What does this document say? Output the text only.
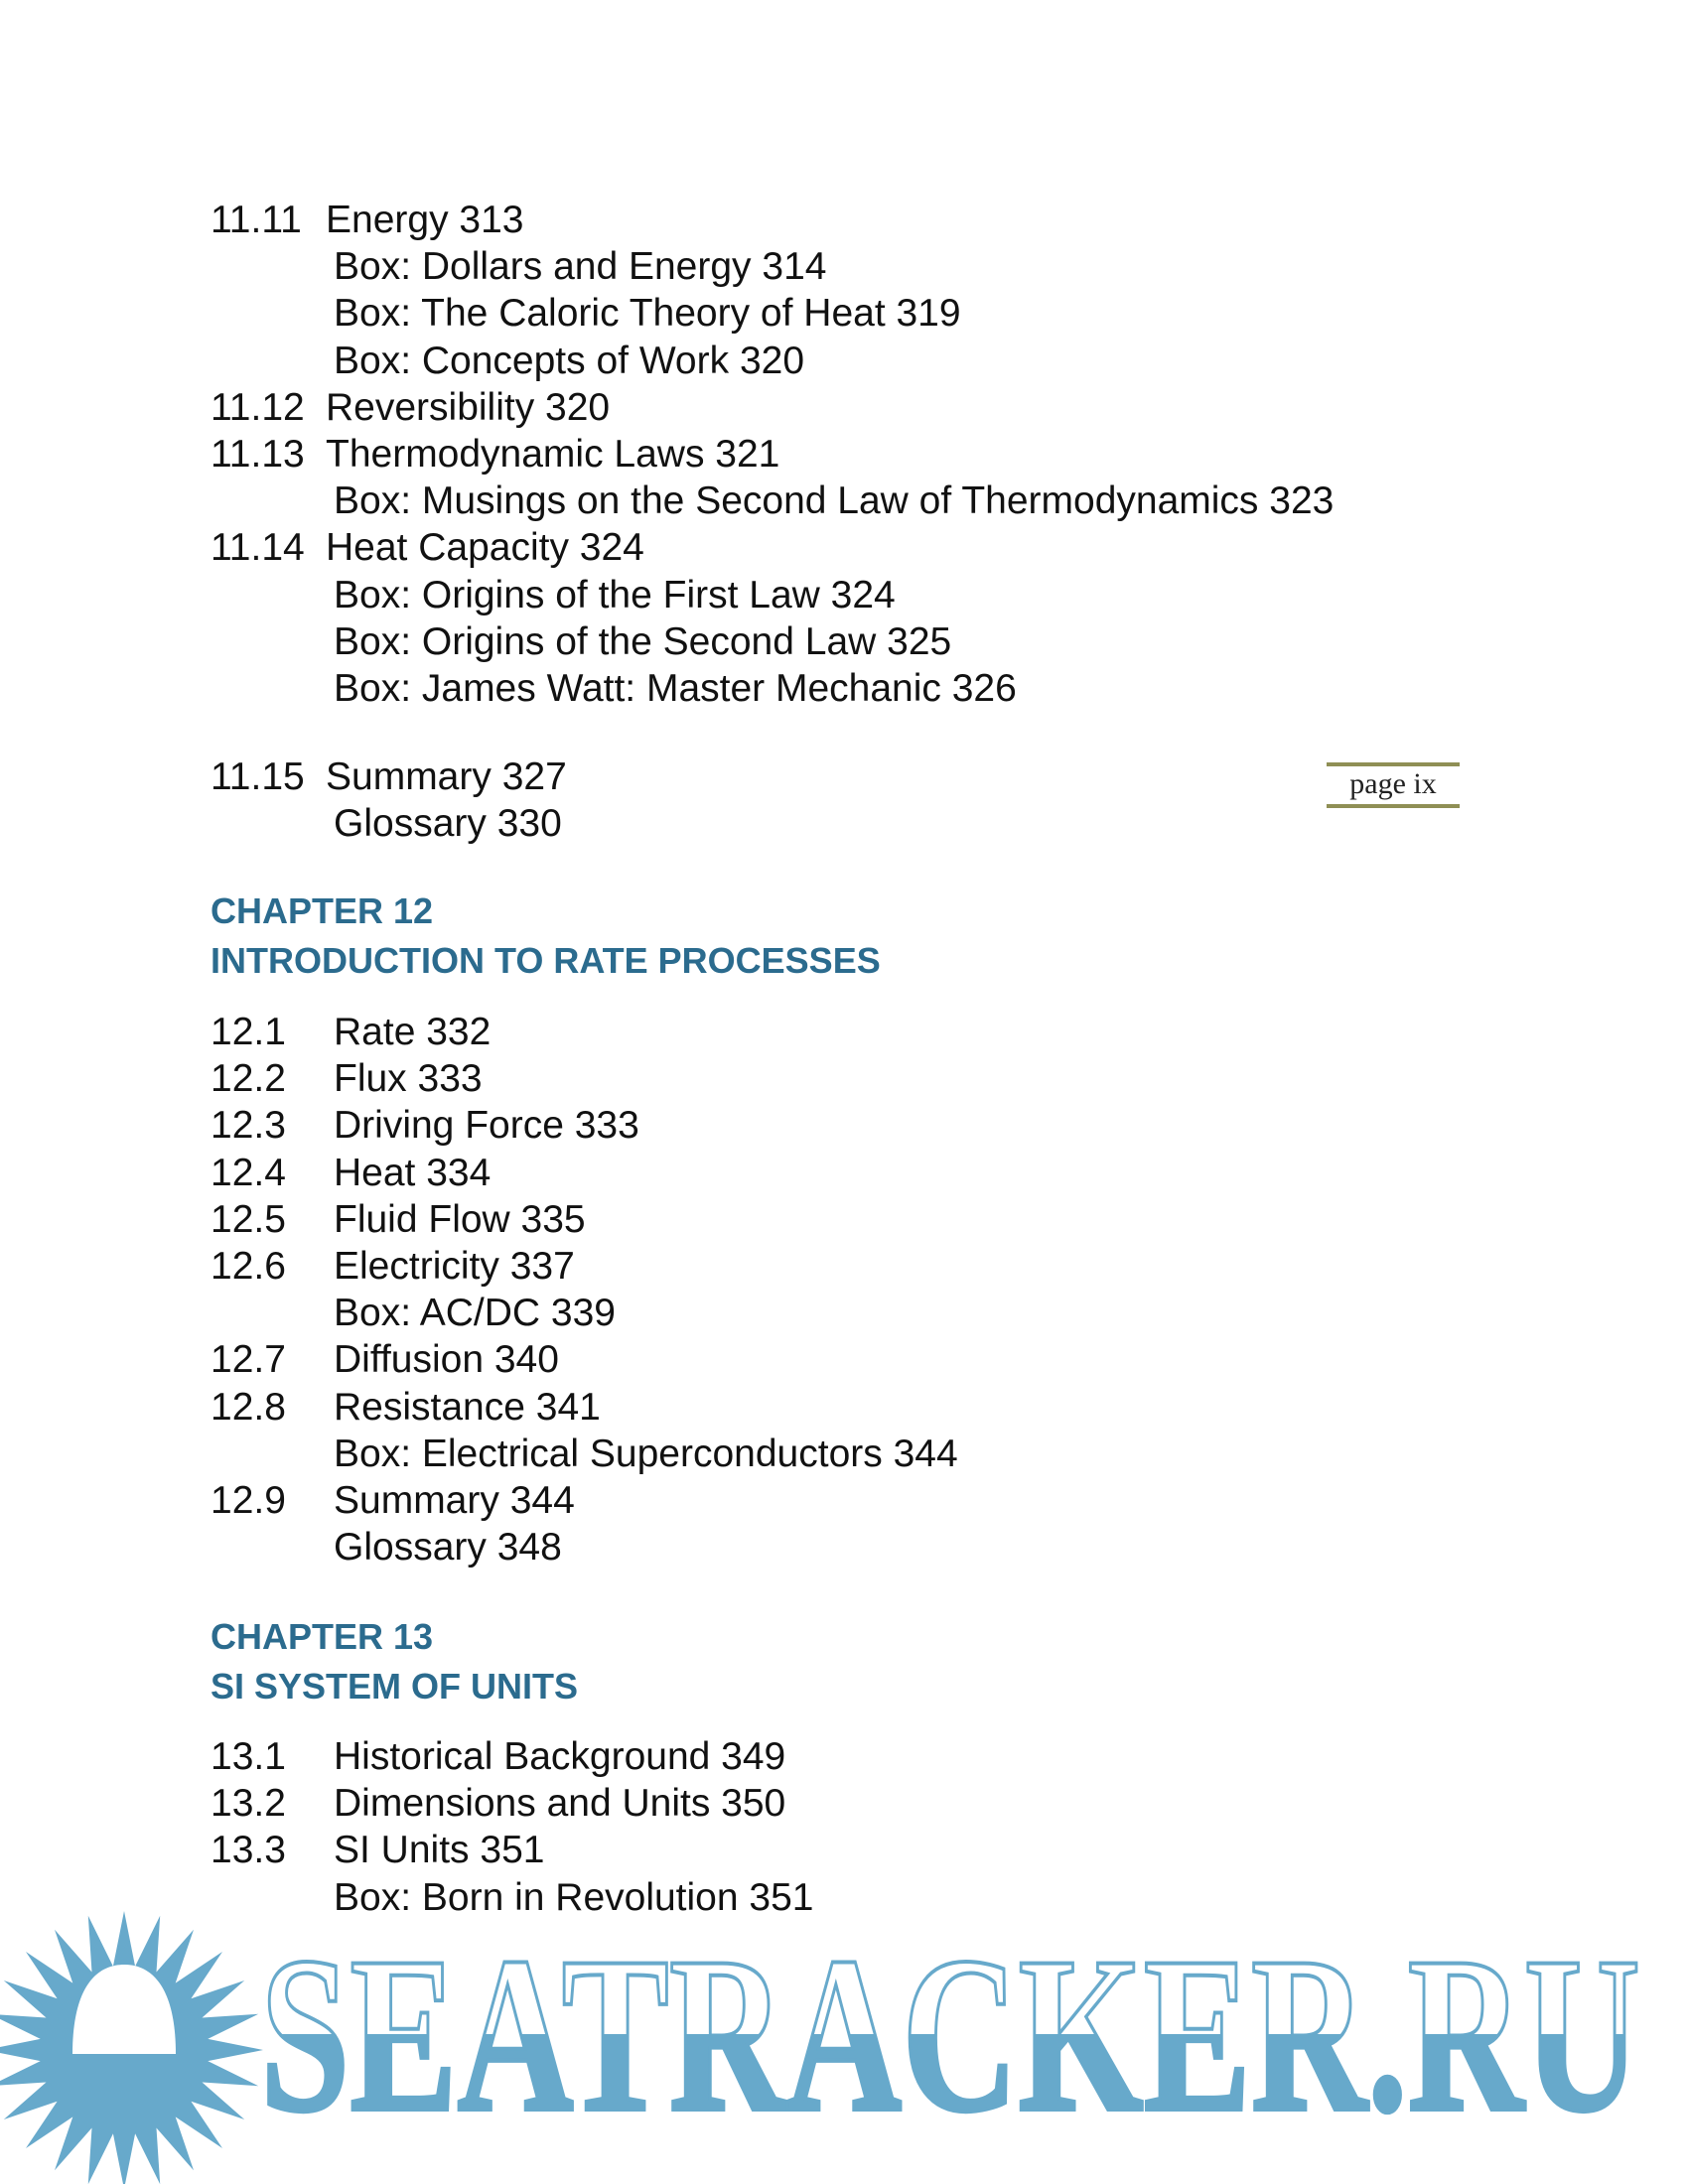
11.11 Energy 313
Box: Dollars and Energy 314
Box: The Caloric Theory of Heat 319
Box: Concepts of Work 320
11.12 Reversibility 320
11.13 Thermodynamic Laws 321
Box: Musings on the Second Law of Thermodynamics 323
11.14 Heat Capacity 324
Box: Origins of the First Law 324
Box: Origins of the Second Law 325
Box: James Watt: Master Mechanic 326
11.15 Summary 327
Glossary 330
page ix
CHAPTER 12
INTRODUCTION TO RATE PROCESSES
12.1 Rate 332
12.2 Flux 333
12.3 Driving Force 333
12.4 Heat 334
12.5 Fluid Flow 335
12.6 Electricity 337
Box: AC/DC 339
12.7 Diffusion 340
12.8 Resistance 341
Box: Electrical Superconductors 344
12.9 Summary 344
Glossary 348
CHAPTER 13
SI SYSTEM OF UNITS
13.1 Historical Background 349
13.2 Dimensions and Units 350
13.3 SI Units 351
Box: Born in Revolution 351
SEATRACKER.RU
